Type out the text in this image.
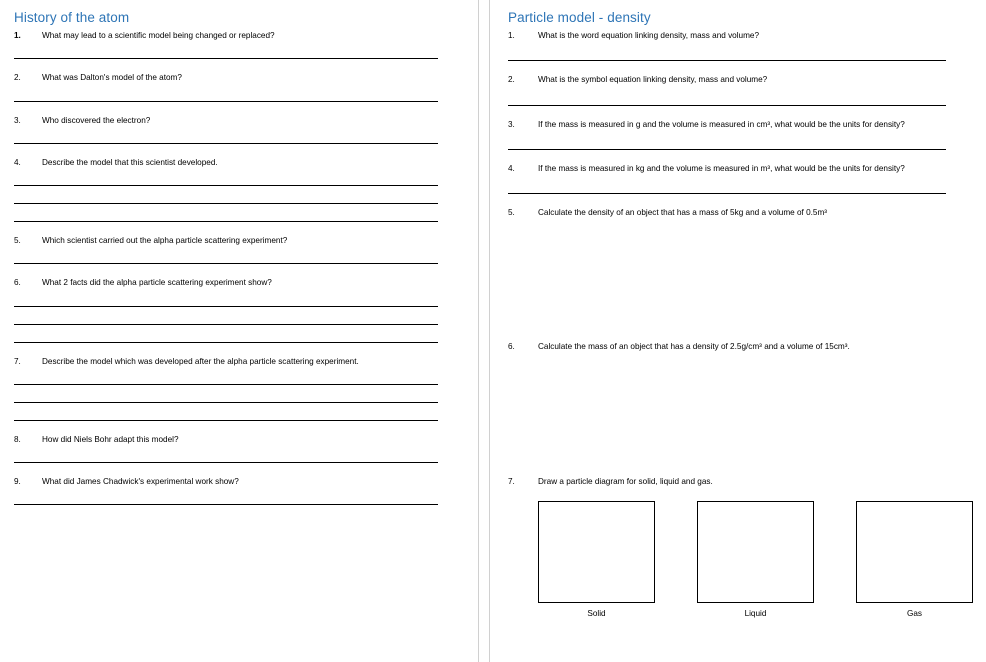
History of the atom
1.	What may lead to a scientific model being changed or replaced?
2.	What was Dalton's model of the atom?
3.	Who discovered the electron?
4.	Describe the model that this scientist developed.
5.	Which scientist carried out the alpha particle scattering experiment?
6.	What 2 facts did the alpha particle scattering experiment show?
7.	Describe the model which was developed after the alpha particle scattering experiment.
8.	How did Niels Bohr adapt this model?
9.	What did James Chadwick's experimental work show?
Particle model - density
1.	What is the word equation linking density, mass and volume?
2.	What is the symbol equation linking density, mass and volume?
3.	If the mass is measured in g and the volume is measured in cm³, what would be the units for density?
4.	If the mass is measured in kg and the volume is measured in m³, what would be the units for density?
5.	Calculate the density of an object that has a mass of 5kg and a volume of 0.5m³
6.	Calculate the mass of an object that has a density of 2.5g/cm³ and a volume of 15cm³.
7.	Draw a particle diagram for solid, liquid and gas.
Solid	Liquid	Gas
